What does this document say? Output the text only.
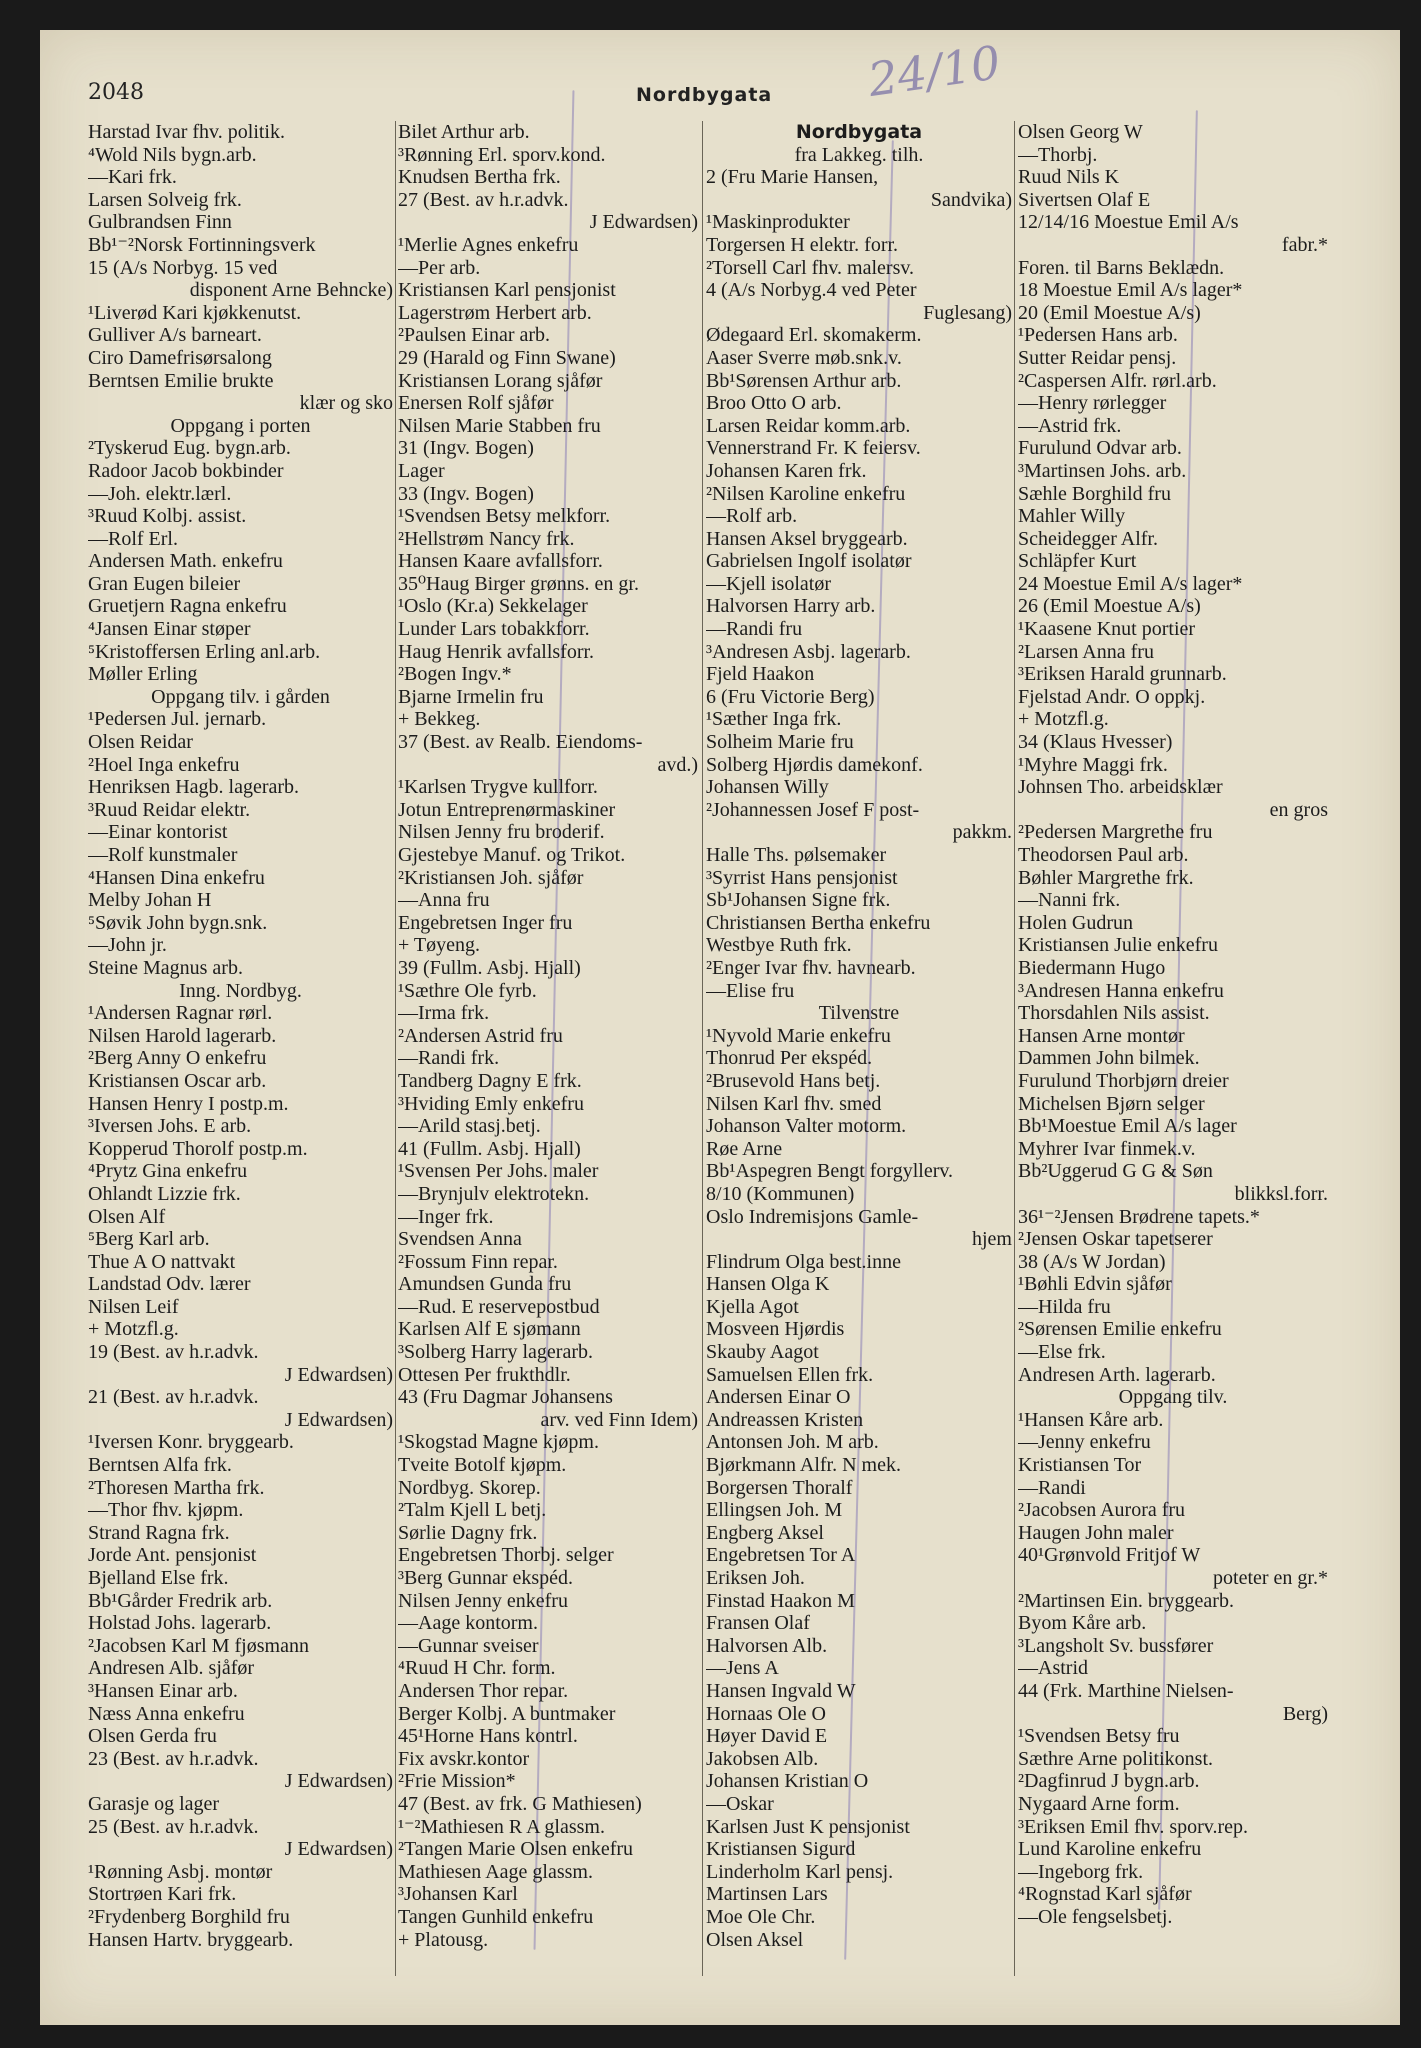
2048	Nordbygata 24/10
Harstad Ivar fhv. politik.
⁴Wold Nils bygn.arb.
—Kari frk.
Larsen Solveig frk.
Gulbrandsen Finn
Bb¹⁻²Norsk Fortinningsverk
15 (A/s Norbyg. 15 ved
disponent Arne Behncke)
¹Liverød Kari kjøkkenutst.
Gulliver A/s barneart.
Ciro Damefrisørsalong
Berntsen Emilie brukte
klær og sko
Oppgang i porten
²Tyskerud Eug. bygn.arb.
Radoor Jacob bokbinder
—Joh. elektr.lærl.
³Ruud Kolbj. assist.
—Rolf Erl.
Andersen Math. enkefru
Gran Eugen bileier
Gruetjern Ragna enkefru
⁴Jansen Einar støper
⁵Kristoffersen Erling anl.arb.
Møller Erling
Oppgang tilv. i gården
¹Pedersen Jul. jernarb.
Olsen Reidar
²Hoel Inga enkefru
Henriksen Hagb. lagerarb.
³Ruud Reidar elektr.
—Einar kontorist
—Rolf kunstmaler
⁴Hansen Dina enkefru
Melby Johan H
⁵Søvik John bygn.snk.
—John jr.
Steine Magnus arb.
Inng. Nordbyg.
¹Andersen Ragnar rørl.
Nilsen Harold lagerarb.
²Berg Anny O enkefru
Kristiansen Oscar arb.
Hansen Henry I postp.m.
³Iversen Johs. E arb.
Kopperud Thorolf postp.m.
⁴Prytz Gina enkefru
Ohlandt Lizzie frk.
Olsen Alf
⁵Berg Karl arb.
Thue A O nattvakt
Landstad Odv. lærer
Nilsen Leif
+ Motzfl.g.
19 (Best. av h.r.advk.
J Edwardsen)
21 (Best. av h.r.advk.
J Edwardsen)
¹Iversen Konr. bryggearb.
Berntsen Alfa frk.
²Thoresen Martha frk.
—Thor fhv. kjøpm.
Strand Ragna frk.
Jorde Ant. pensjonist
Bjelland Else frk.
Bb¹Gårder Fredrik arb.
Holstad Johs. lagerarb.
²Jacobsen Karl M fjøsmann
Andresen Alb. sjåfør
³Hansen Einar arb.
Næss Anna enkefru
Olsen Gerda fru
23 (Best. av h.r.advk.
J Edwardsen)
Garasje og lager
25 (Best. av h.r.advk.
J Edwardsen)
¹Rønning Asbj. montør
Stortrøen Kari frk.
²Frydenberg Borghild fru
Hansen Hartv. bryggearb.
Bilet Arthur arb.
³Rønning Erl. sporv.kond.
Knudsen Bertha frk.
27 (Best. av h.r.advk.
J Edwardsen)
¹Merlie Agnes enkefru
—Per arb.
Kristiansen Karl pensjonist
Lagerstrøm Herbert arb.
²Paulsen Einar arb.
29 (Harald og Finn Swane)
Kristiansen Lorang sjåfør
Enersen Rolf sjåfør
Nilsen Marie Stabben fru
31 (Ingv. Bogen)
Lager
33 (Ingv. Bogen)
¹Svendsen Betsy melkforr.
²Hellstrøm Nancy frk.
Hansen Kaare avfallsforr.
35⁰Haug Birger grønns. en gr.
¹Oslo (Kr.a) Sekkelager
Lunder Lars tobakkforr.
Haug Henrik avfallsforr.
²Bogen Ingv.*
Bjarne Irmelin fru
+ Bekkeg.
37 (Best. av Realb. Eiendoms-
avd.)
¹Karlsen Trygve kullforr.
Jotun Entreprenørmaskiner
Nilsen Jenny fru broderif.
Gjestebye Manuf. og Trikot.
²Kristiansen Joh. sjåfør
—Anna fru
Engebretsen Inger fru
+ Tøyeng.
39 (Fullm. Asbj. Hjall)
¹Sæthre Ole fyrb.
—Irma frk.
²Andersen Astrid fru
—Randi frk.
Tandberg Dagny E frk.
³Hviding Emly enkefru
—Arild stasj.betj.
41 (Fullm. Asbj. Hjall)
¹Svensen Per Johs. maler
—Brynjulv elektrotekn.
—Inger frk.
Svendsen Anna
²Fossum Finn repar.
Amundsen Gunda fru
—Rud. E reservepostbud
Karlsen Alf E sjømann
³Solberg Harry lagerarb.
Ottesen Per frukthdlr.
43 (Fru Dagmar Johansens
arv. ved Finn Idem)
¹Skogstad Magne kjøpm.
Tveite Botolf kjøpm.
Nordbyg. Skorep.
²Talm Kjell L betj.
Sørlie Dagny frk.
Engebretsen Thorbj. selger
³Berg Gunnar ekspéd.
Nilsen Jenny enkefru
—Aage kontorm.
—Gunnar sveiser
⁴Ruud H Chr. form.
Andersen Thor repar.
Berger Kolbj. A buntmaker
45¹Horne Hans kontrl.
Fix avskr.kontor
²Frie Mission*
47 (Best. av frk. G Mathiesen)
¹⁻²Mathiesen R A glassm.
²Tangen Marie Olsen enkefru
Mathiesen Aage glassm.
³Johansen Karl
Tangen Gunhild enkefru
+ Platousg.
Nordbygata
fra Lakkeg. tilh.
2 (Fru Marie Hansen,
Sandvika)
¹Maskinprodukter
Torgersen H elektr. forr.
²Torsell Carl fhv. malersv.
4 (A/s Norbyg.4 ved Peter
Fuglesang)
Ødegaard Erl. skomakerm.
Aaser Sverre møb.snk.v.
Bb¹Sørensen Arthur arb.
Broo Otto O arb.
Larsen Reidar komm.arb.
Vennerstrand Fr. K feiersv.
Johansen Karen frk.
²Nilsen Karoline enkefru
—Rolf arb.
Hansen Aksel bryggearb.
Gabrielsen Ingolf isolatør
—Kjell isolatør
Halvorsen Harry arb.
—Randi fru
³Andresen Asbj. lagerarb.
Fjeld Haakon
6 (Fru Victorie Berg)
¹Sæther Inga frk.
Solheim Marie fru
Solberg Hjørdis damekonf.
Johansen Willy
²Johannessen Josef F post-
pakkm.
Halle Ths. pølsemaker
³Syrrist Hans pensjonist
Sb¹Johansen Signe frk.
Christiansen Bertha enkefru
Westbye Ruth frk.
²Enger Ivar fhv. havnearb.
—Elise fru
Tilvenstre
¹Nyvold Marie enkefru
Thonrud Per ekspéd.
²Brusevold Hans betj.
Nilsen Karl fhv. smed
Johanson Valter motorm.
Røe Arne
Bb¹Aspegren Bengt forgyllerv.
8/10 (Kommunen)
Oslo Indremisjons Gamle-
hjem
Flindrum Olga best.inne
Hansen Olga K
Kjella Agot
Mosveen Hjørdis
Skauby Aagot
Samuelsen Ellen frk.
Andersen Einar O
Andreassen Kristen
Antonsen Joh. M arb.
Bjørkmann Alfr. N mek.
Borgersen Thoralf
Ellingsen Joh. M
Engberg Aksel
Engebretsen Tor A
Eriksen Joh.
Finstad Haakon M
Fransen Olaf
Halvorsen Alb.
—Jens A
Hansen Ingvald W
Hornaas Ole O
Høyer David E
Jakobsen Alb.
Johansen Kristian O
—Oskar
Karlsen Just K pensjonist
Kristiansen Sigurd
Linderholm Karl pensj.
Martinsen Lars
Moe Ole Chr.
Olsen Aksel
Olsen Georg W
—Thorbj.
Ruud Nils K
Sivertsen Olaf E
12/14/16 Moestue Emil A/s
fabr.*
Foren. til Barns Beklædn.
18 Moestue Emil A/s lager*
20 (Emil Moestue A/s)
¹Pedersen Hans arb.
Sutter Reidar pensj.
²Caspersen Alfr. rørl.arb.
—Henry rørlegger
—Astrid frk.
Furulund Odvar arb.
³Martinsen Johs. arb.
Sæhle Borghild fru
Mahler Willy
Scheidegger Alfr.
Schläpfer Kurt
24 Moestue Emil A/s lager*
26 (Emil Moestue A/s)
¹Kaasene Knut portier
²Larsen Anna fru
³Eriksen Harald grunnarb.
Fjelstad Andr. O oppkj.
+ Motzfl.g.
34 (Klaus Hvesser)
¹Myhre Maggi frk.
Johnsen Tho. arbeidsklær
en gros
²Pedersen Margrethe fru
Theodorsen Paul arb.
Bøhler Margrethe frk.
—Nanni frk.
Holen Gudrun
Kristiansen Julie enkefru
Biedermann Hugo
³Andresen Hanna enkefru
Thorsdahlen Nils assist.
Hansen Arne montør
Dammen John bilmek.
Furulund Thorbjørn dreier
Michelsen Bjørn selger
Bb¹Moestue Emil A/s lager
Myhrer Ivar finmek.v.
Bb²Uggerud G G & Søn
blikksl.forr.
36¹⁻²Jensen Brødrene tapets.*
²Jensen Oskar tapetserer
38 (A/s W Jordan)
¹Bøhli Edvin sjåfør
—Hilda fru
²Sørensen Emilie enkefru
—Else frk.
Andresen Arth. lagerarb.
Oppgang tilv.
¹Hansen Kåre arb.
—Jenny enkefru
Kristiansen Tor
—Randi
²Jacobsen Aurora fru
Haugen John maler
40¹Grønvold Fritjof W
poteter en gr.*
²Martinsen Ein. bryggearb.
Byom Kåre arb.
³Langsholt Sv. bussfører
—Astrid
44 (Frk. Marthine Nielsen-
Berg)
¹Svendsen Betsy fru
Sæthre Arne politikonst.
²Dagfinrud J bygn.arb.
Nygaard Arne form.
³Eriksen Emil fhv. sporv.rep.
Lund Karoline enkefru
—Ingeborg frk.
⁴Rognstad Karl sjåfør
—Ole fengselsbetj.
